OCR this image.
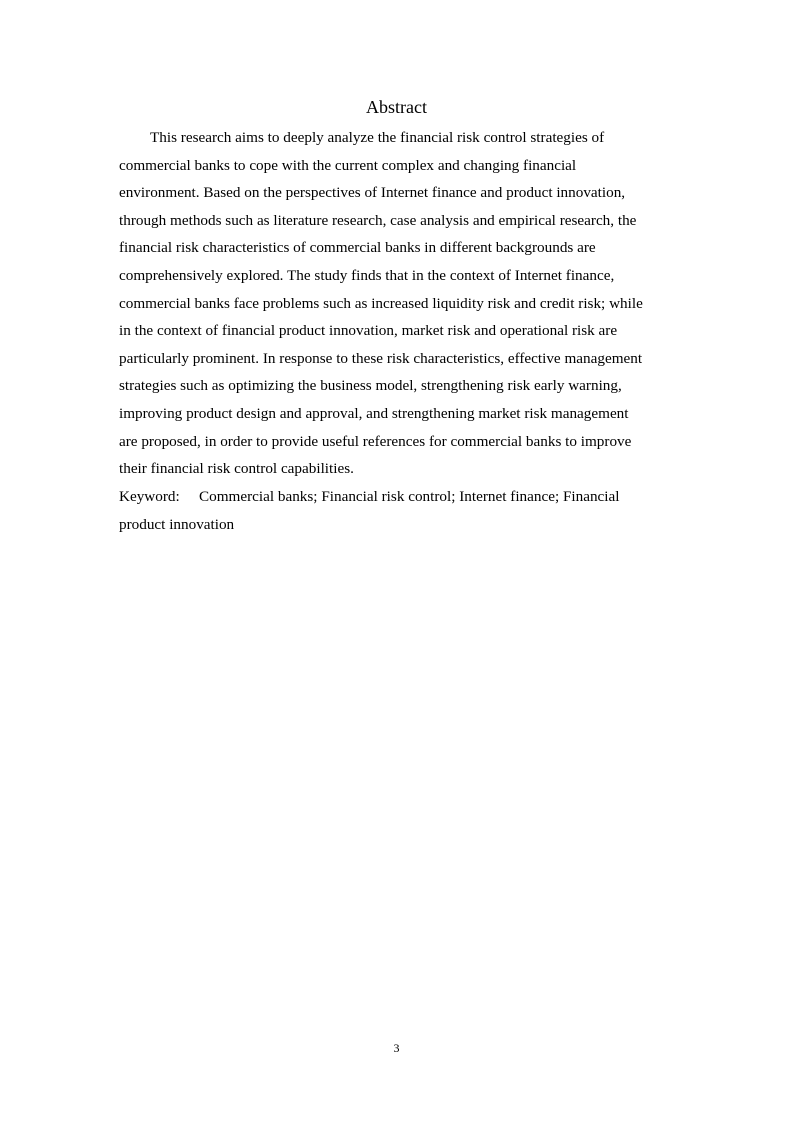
Abstract
This research aims to deeply analyze the financial risk control strategies of
commercial banks to cope with the current complex and changing financial
environment. Based on the perspectives of Internet finance and product innovation,
through methods such as literature research, case analysis and empirical research, the
financial risk characteristics of commercial banks in different backgrounds are
comprehensively explored. The study finds that in the context of Internet finance,
commercial banks face problems such as increased liquidity risk and credit risk; while
in the context of financial product innovation, market risk and operational risk are
particularly prominent. In response to these risk characteristics, effective management
strategies such as optimizing the business model, strengthening risk early warning,
improving product design and approval, and strengthening market risk management
are proposed, in order to provide useful references for commercial banks to improve
their financial risk control capabilities.
Keyword: Commercial banks; Financial risk control; Internet finance; Financial
product innovation
3
